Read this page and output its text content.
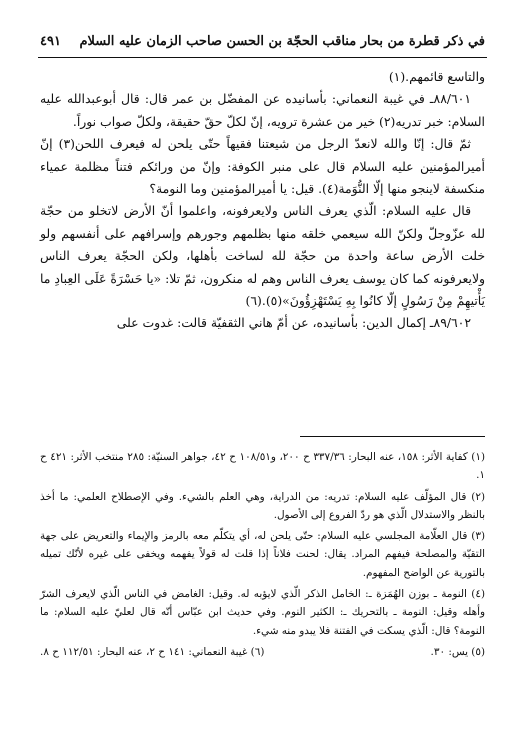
في ذكر قطرة من بحار مناقب الحجّة بن الحسن صاحب الزمان عليه السلام
٤٩١

والتاسع قائمهم.(١)

٨٨/٦٠١ـ في غيبة النعماني: بأسانيده عن المفضّل بن عمر قال: قال أبوعبدالله عليه السلام: خبر تدريه(٢) خير من عشرة ترويه، إنّ لكلّ حقّ حقيقة، ولكلّ صواب نوراً.

ثمّ قال: إنّا والله لانعدّ الرجل من شيعتنا فقيهاً حتّى يلحن له فيعرف اللحن(٣) إنّ أميرالمؤمنين عليه السلام قال على منبر الكوفة: وإنّ من ورائكم فتناً مظلمة عمياء منكسفة لاينجو منها إلّا النُّوَمة(٤). قيل: يا أميرالمؤمنين وما النومة؟

قال عليه السلام: الّذي يعرف الناس ولايعرفونه، واعلموا أنّ الأرض لاتخلو من حجّة لله عزّوجلّ ولكنّ الله سيعمي خلقه منها بظلمهم وجورهم وإسرافهم على أنفسهم ولو خلت الأرض ساعة واحدة من حجّة لله لساخت بأهلها، ولكن الحجّة يعرف الناس ولايعرفونه كما كان يوسف يعرف الناس وهم له منكرون، ثمّ تلا: «يا حَسْرَةً عَلَى العِبادِ ما يَأْتيهِمْ مِنْ رَسُولٍ إلّا كانُوا بِهِ يَسْتَهْزِؤُونَ»(٥).(٦)

٨٩/٦٠٢ـ إكمال الدين: بأسانيده، عن أمّ هاني الثقفيّة قالت: غدوت على

(١) كفاية الأثر: ١٥٨، عنه البحار: ٣٣٧/٣٦ ح ٢٠٠، و١٠٨/٥١ ح ٤٢، جواهر السنيّة: ٢٨٥ منتخب الأثر: ٤٢١ ح ١.

(٢) قال المؤلّف عليه السلام: تدريه: من الدراية، وهي العلم بالشيء. وفي الإصطلاح العلمي: ما أخذ بالنظر والاستدلال الّذي هو ردّ الفروع إلى الأصول.

(٣) قال العلّامة المجلسي عليه السلام: حتّى يلحن له، أي يتكلّم معه بالرمز والإيماء والتعريض على جهة التقيّة والمصلحة فيفهم المراد. يقال: لحنت فلاناً إذا قلت له قولاً يفهمه ويخفى على غيره لأنّك تميله بالتورية عن الواضح المفهوم.

(٤) النومة ـ بوزن الهُمَزة ـ: الخامل الذكر الّذي لايؤبه له. وقيل: الغامض في الناس الّذي لايعرف الشرّ وأهله وقيل: النومة ـ بالتحريك ـ: الكثير النوم. وفي حديث ابن عبّاس أنّه قال لعليّ عليه السلام: ما النومة؟ قال: الّذي يسكت في الفتنة فلا يبدو منه شيء.

(٥) يس: ٣٠.
(٦) غيبة النعماني: ١٤١ ح ٢، عنه البحار: ١١٢/٥١ ح ٨.
